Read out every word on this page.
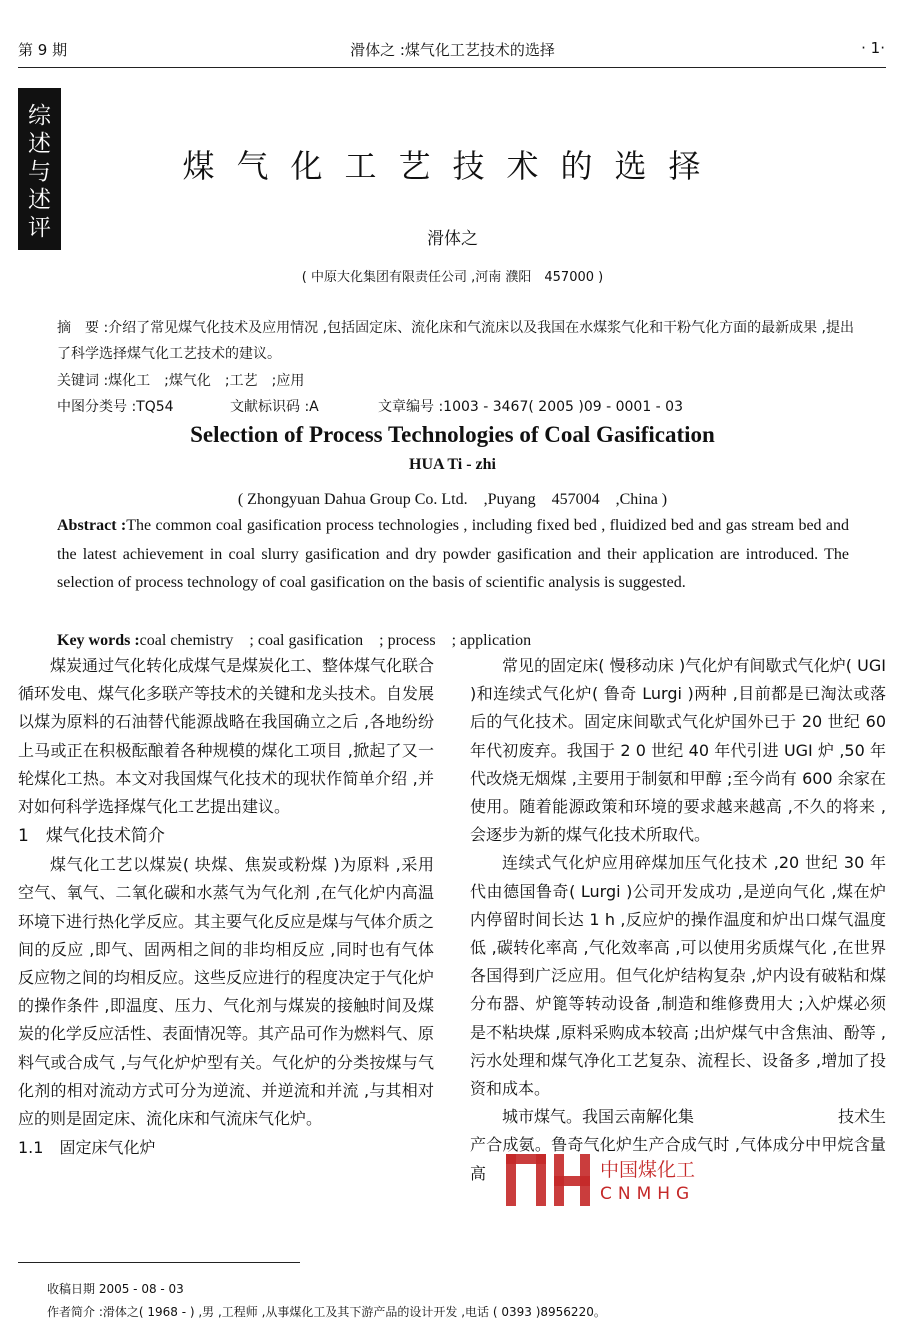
第 9 期	滑体之 :煤气化工艺技术的选择	· 1·
综
述
与
述
评
煤气化工艺技术的选择
滑体之
( 中原大化集团有限责任公司 ,河南 濮阳　457000 )
摘　要 :介绍了常见煤气化技术及应用情况 ,包括固定床、流化床和气流床以及我国在水煤浆气化和干粉气化方面的最新成果 ,提出了科学选择煤气化工艺技术的建议。
关键词 :煤化工　;煤气化　;工艺　;应用
中图分类号 :TQ54	文献标识码 :A	文章编号 :1003 - 3467( 2005 )09 - 0001 - 03
Selection of Process Technologies of Coal Gasification
HUA Ti - zhi
( Zhongyuan Dahua Group Co. Ltd.　,Puyang　457004　,China )
Abstract :The common coal gasification process technologies , including fixed bed , fluidized bed and gas stream bed and the latest achievement in coal slurry gasification and dry powder gasification and their application are introduced. The selection of process technology of coal gasification on the basis of scientific analysis is suggested.
Key words :coal chemistry　; coal gasification　; process　; application

煤炭通过气化转化成煤气是煤炭化工、整体煤气化联合循环发电、煤气化多联产等技术的关键和龙头技术。自发展以煤为原料的石油替代能源战略在我国确立之后 ,各地纷纷上马或正在积极酝酿着各种规模的煤化工项目 ,掀起了又一轮煤化工热。本文对我国煤气化技术的现状作简单介绍 ,并对如何科学选择煤气化工艺提出建议。

1　煤气化技术简介

煤气化工艺以煤炭( 块煤、焦炭或粉煤 )为原料 ,采用空气、氧气、二氧化碳和水蒸气为气化剂 ,在气化炉内高温环境下进行热化学反应。其主要气化反应是煤与气体介质之间的反应 ,即气、固两相之间的非均相反应 ,同时也有气体反应物之间的均相反应。这些反应进行的程度决定于气化炉的操作条件 ,即温度、压力、气化剂与煤炭的接触时间及煤炭的化学反应活性、表面情况等。其产品可作为燃料气、原料气或合成气 ,与气化炉炉型有关。气化炉的分类按煤与气化剂的相对流动方式可分为逆流、并逆流和并流 ,与其相对应的则是固定床、流化床和气流床气化炉。

1.1　固定床气化炉

常见的固定床( 慢移动床 )气化炉有间歇式气化炉( UGI )和连续式气化炉( 鲁奇 Lurgi )两种 ,目前都是已淘汰或落后的气化技术。固定床间歇式气化炉国外已于 20 世纪 60 年代初废弃。我国于 2 0 世纪 40 年代引进 UGI 炉 ,50 年代改烧无烟煤 ,主要用于制氨和甲醇 ;至今尚有 600 余家在使用。随着能源政策和环境的要求越来越高 ,不久的将来 ,会逐步为新的煤气化技术所取代。

连续式气化炉应用碎煤加压气化技术 ,20 世纪 30 年代由德国鲁奇( Lurgi )公司开发成功 ,是逆向气化 ,煤在炉内停留时间长达 1 h ,反应炉的操作温度和炉出口煤气温度低 ,碳转化率高 ,气化效率高 ,可以使用劣质煤气化 ,在世界各国得到广泛应用。但气化炉结构复杂 ,炉内设有破粘和煤分布器、炉篦等转动设备 ,制造和维修费用大 ;入炉煤必须是不粘块煤 ,原料采购成本较高 ;出炉煤气中含焦油、酚等 ,污水处理和煤气净化工艺复杂、流程长、设备多 ,增加了投资和成本。

城市煤气。我国云南解化集　　　　　　　　　技术生产合成氨。鲁奇气化炉生产合成气时 ,气体成分中甲烷含量高	中国煤化工
CNMHG
收稿日期 2005 - 08 - 03
作者简介 :滑体之( 1968 - ) ,男 ,工程师 ,从事煤化工及其下游产品的设计开发 ,电话 ( 0393 )8956220。
